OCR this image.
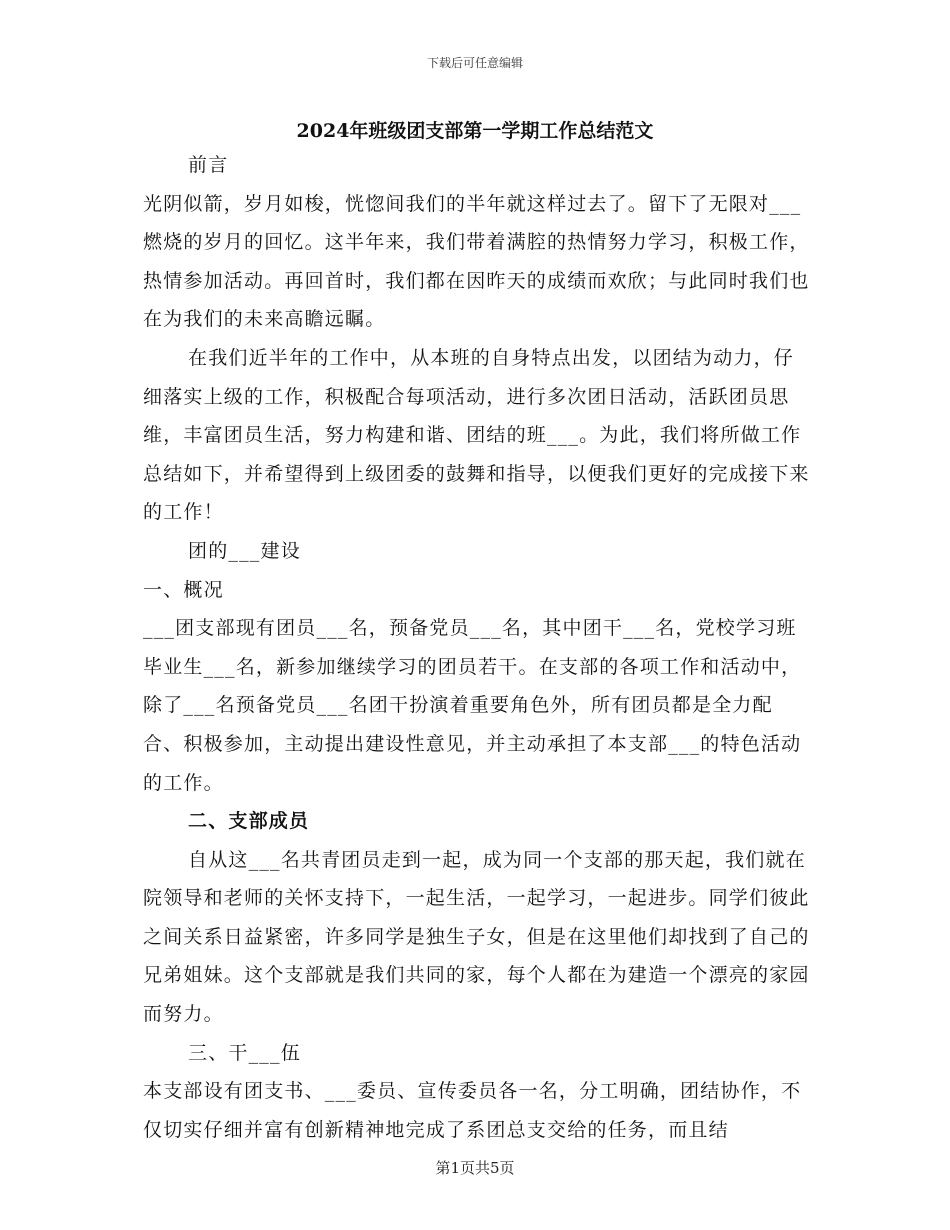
下载后可任意编辑
2024年班级团支部第一学期工作总结范文

前言

光阴似箭，岁月如梭，恍惚间我们的半年就这样过去了。留下了无限对___燃烧的岁月的回忆。这半年来，我们带着满腔的热情努力学习，积极工作，热情参加活动。再回首时，我们都在因昨天的成绩而欢欣；与此同时我们也在为我们的未来高瞻远瞩。

在我们近半年的工作中，从本班的自身特点出发，以团结为动力，仔细落实上级的工作，积极配合每项活动，进行多次团日活动，活跃团员思维，丰富团员生活，努力构建和谐、团结的班___。为此，我们将所做工作总结如下，并希望得到上级团委的鼓舞和指导，以便我们更好的完成接下来的工作！

团的___建设

一、概况

___团支部现有团员___名，预备党员___名，其中团干___名，党校学习班毕业生___名，新参加继续学习的团员若干。在支部的各项工作和活动中，除了___名预备党员___名团干扮演着重要角色外，所有团员都是全力配合、积极参加，主动提出建设性意见，并主动承担了本支部___的特色活动的工作。

二、支部成员

自从这___名共青团员走到一起，成为同一个支部的那天起，我们就在院领导和老师的关怀支持下，一起生活，一起学习，一起进步。同学们彼此之间关系日益紧密，许多同学是独生子女，但是在这里他们却找到了自己的兄弟姐妹。这个支部就是我们共同的家，每个人都在为建造一个漂亮的家园而努力。

三、干___伍

本支部设有团支书、___委员、宣传委员各一名，分工明确，团结协作，不仅切实仔细并富有创新精神地完成了系团总支交给的任务，而且结

第1页共5页
